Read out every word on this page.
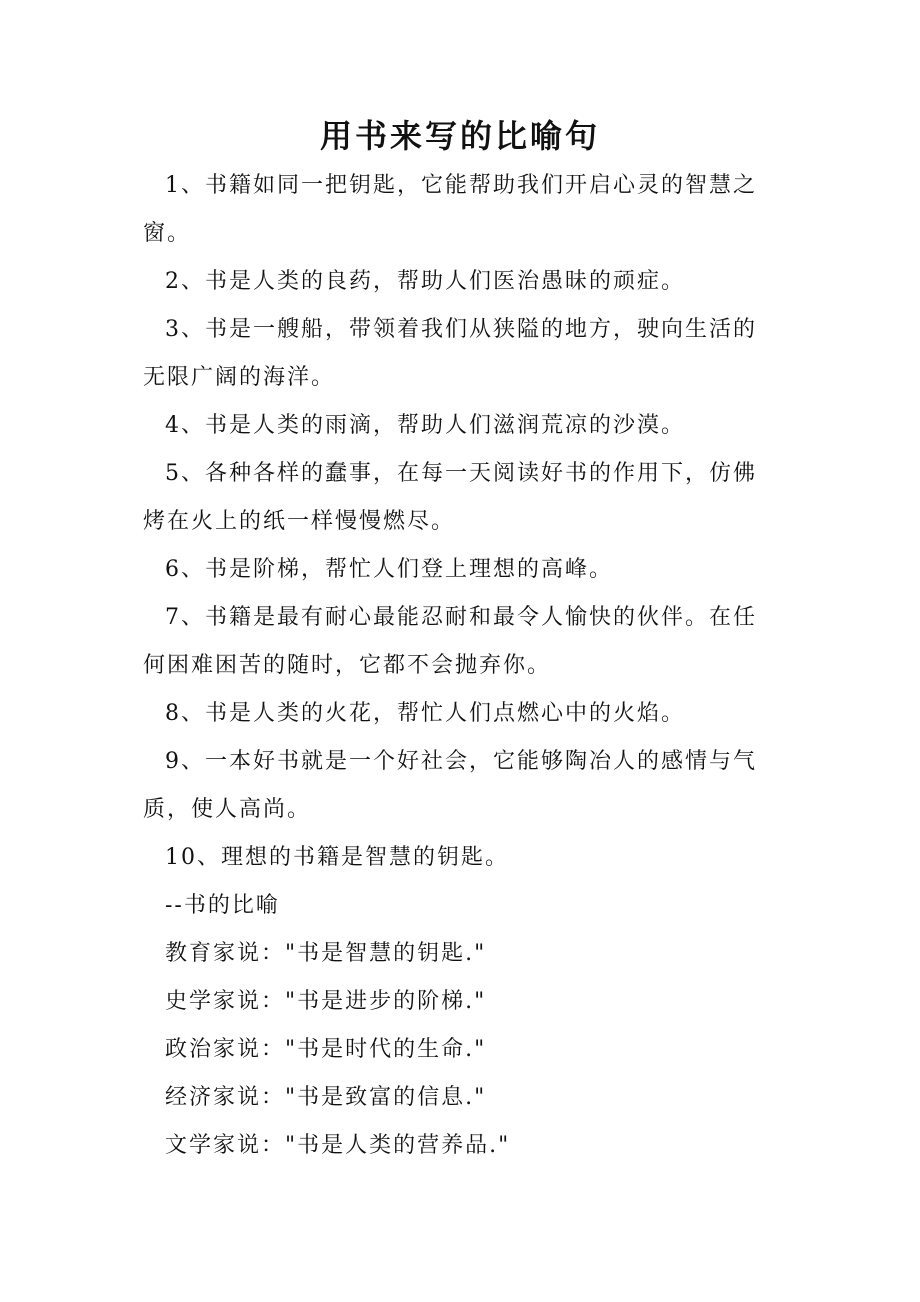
用书来写的比喻句

1、书籍如同一把钥匙，它能帮助我们开启心灵的智慧之窗。

2、书是人类的良药，帮助人们医治愚昧的顽症。

3、书是一艘船，带领着我们从狭隘的地方，驶向生活的无限广阔的海洋。

4、书是人类的雨滴，帮助人们滋润荒凉的沙漠。

5、各种各样的蠢事，在每一天阅读好书的作用下，仿佛烤在火上的纸一样慢慢燃尽。

6、书是阶梯，帮忙人们登上理想的高峰。

7、书籍是最有耐心最能忍耐和最令人愉快的伙伴。在任何困难困苦的随时，它都不会抛弃你。

8、书是人类的火花，帮忙人们点燃心中的火焰。

9、一本好书就是一个好社会，它能够陶冶人的感情与气质，使人高尚。

10、理想的书籍是智慧的钥匙。

--书的比喻

教育家说："书是智慧的钥匙."

史学家说："书是进步的阶梯."

政治家说："书是时代的生命."

经济家说："书是致富的信息."

文学家说："书是人类的营养品."
